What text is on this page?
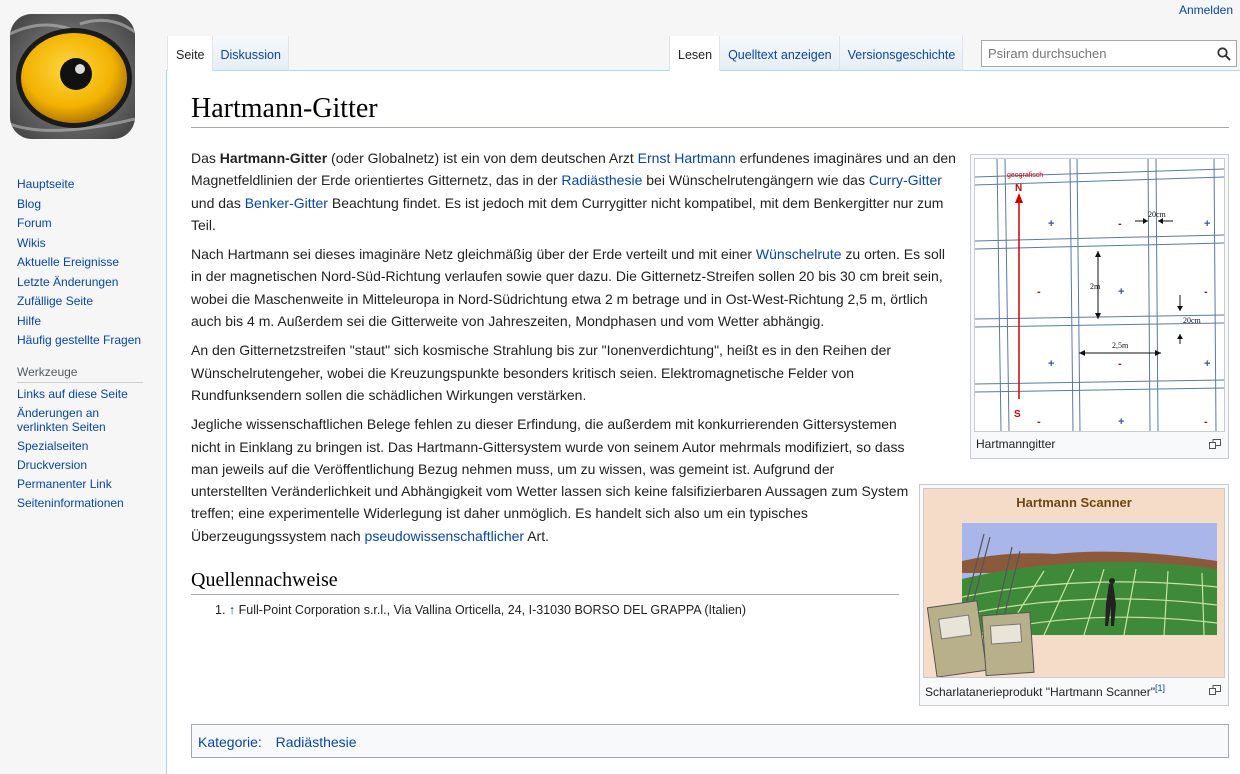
Anmelden
Hartmann-Gitter

Das Hartmann-Gitter (oder Globalnetz) ist ein von dem deutschen Arzt Ernst Hartmann erfundenes imaginäres und an den Magnetfeldlinien der Erde orientiertes Gitternetz, das in der Radiästhesie bei Wünschelrutengängern wie das Curry-Gitter und das Benker-Gitter Beachtung findet. Es ist jedoch mit dem Currygitter nicht kompatibel, mit dem Benkergitter nur zum Teil.

Nach Hartmann sei dieses imaginäre Netz gleichmäßig über der Erde verteilt und mit einer Wünschelrute zu orten. Es soll in der magnetischen Nord-Süd-Richtung verlaufen sowie quer dazu. Die Gitternetz-Streifen sollen 20 bis 30 cm breit sein, wobei die Maschenweite in Mitteleuropa in Nord-Südrichtung etwa 2 m betrage und in Ost-West-Richtung 2,5 m, örtlich auch bis 4 m. Außerdem sei die Gitterweite von Jahreszeiten, Mondphasen und vom Wetter abhängig.

An den Gitternetzstreifen "staut" sich kosmische Strahlung bis zur "Ionenverdichtung", heißt es in den Reihen der Wünschelrutengeher, wobei die Kreuzungspunkte besonders kritisch seien. Elektromagnetische Felder von Rundfunksendern sollen die schädlichen Wirkungen verstärken.

Jegliche wissenschaftlichen Belege fehlen zu dieser Erfindung, die außerdem mit konkurrierenden Gittersystemen nicht in Einklang zu bringen ist. Das Hartmann-Gittersystem wurde von seinem Autor mehrmals modifiziert, so dass man jeweils auf die Veröffentlichung Bezug nehmen muss, um zu wissen, was gemeint ist. Aufgrund der unterstellten Veränderlichkeit und Abhängigkeit vom Wetter lassen sich keine falsifizierbaren Aussagen zum System treffen; eine experimentelle Widerlegung ist daher unmöglich. Es handelt sich also um ein typisches Überzeugungssystem nach pseudowissenschaftlicher Art.

Quellennachweise
1. ↑ Full-Point Corporation s.r.l., Via Vallina Orticella, 24, I-31030 BORSO DEL GRAPPA (Italien)
geografisch
N
S
+	-	+
-	+	-
+	-	+
-	+	-
20cm
2m
20cm
2,5m
Hartmanngitter
Hartmann Scanner
Scharlatanerieprodukt "Hartmann Scanner"[1]
Kategorie: Radiästhesie
Seite	Diskussion	Lesen	Quelltext anzeigen	Versionsgeschichte
Psiram durchsuchen
Hauptseite
Blog
Forum
Wikis
Aktuelle Ereignisse
Letzte Änderungen
Zufällige Seite
Hilfe
Häufig gestellte Fragen
Werkzeuge
Links auf diese Seite
Änderungen an verlinkten Seiten
Spezialseiten
Druckversion
Permanenter Link
Seiteninformationen
